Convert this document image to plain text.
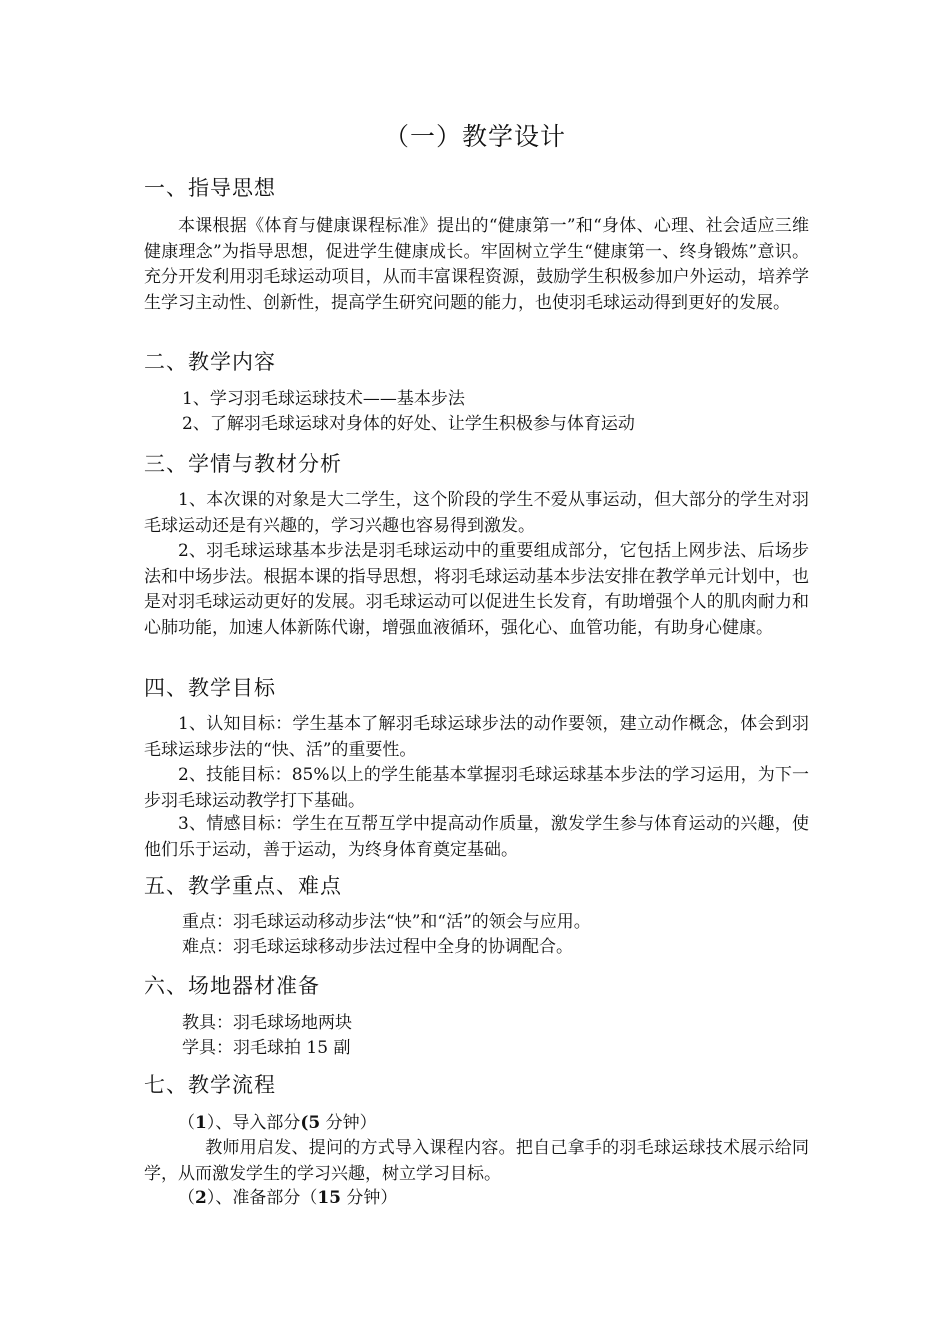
（一）教学设计
一、指导思想
本课根据《体育与健康课程标准》提出的“健康第一”和“身体、心理、社会适应三维健康理念”为指导思想，促进学生健康成长。牢固树立学生“健康第一、终身锻炼”意识。充分开发利用羽毛球运动项目，从而丰富课程资源，鼓励学生积极参加户外运动，培养学生学习主动性、创新性，提高学生研究问题的能力，也使羽毛球运动得到更好的发展。
二、教学内容
1、学习羽毛球运球技术——基本步法
2、了解羽毛球运球对身体的好处、让学生积极参与体育运动
三、学情与教材分析
1、本次课的对象是大二学生，这个阶段的学生不爱从事运动，但大部分的学生对羽毛球运动还是有兴趣的，学习兴趣也容易得到激发。
2、羽毛球运球基本步法是羽毛球运动中的重要组成部分，它包括上网步法、后场步法和中场步法。根据本课的指导思想，将羽毛球运动基本步法安排在教学单元计划中，也是对羽毛球运动更好的发展。羽毛球运动可以促进生长发育，有助增强个人的肌肉耐力和心肺功能，加速人体新陈代谢，增强血液循环，强化心、血管功能，有助身心健康。
四、教学目标
1、认知目标：学生基本了解羽毛球运球步法的动作要领，建立动作概念，体会到羽毛球运球步法的“快、活”的重要性。
2、技能目标：85%以上的学生能基本掌握羽毛球运球基本步法的学习运用，为下一步羽毛球运动教学打下基础。
3、情感目标：学生在互帮互学中提高动作质量，激发学生参与体育运动的兴趣，使他们乐于运动，善于运动，为终身体育奠定基础。
五、教学重点、难点
重点：羽毛球运动移动步法“快”和“活”的领会与应用。
难点：羽毛球运球移动步法过程中全身的协调配合。
六、场地器材准备
教具：羽毛球场地两块
学具：羽毛球拍 15 副
七、教学流程
（1）、导入部分(5 分钟）
教师用启发、提问的方式导入课程内容。把自己拿手的羽毛球运球技术展示给同学，从而激发学生的学习兴趣，树立学习目标。
（2）、准备部分（15 分钟）
